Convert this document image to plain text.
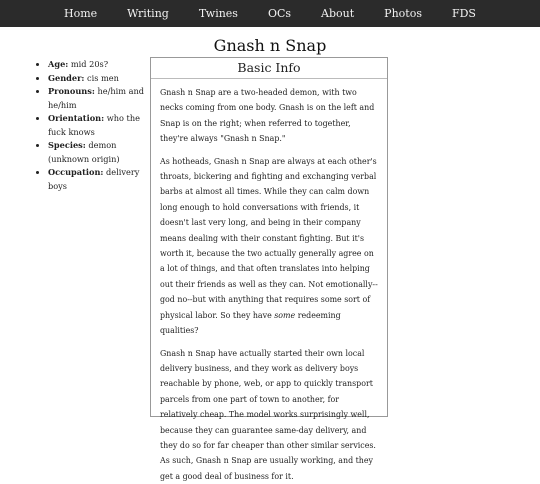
Home	Writing	Twines	OCs	About	Photos	FDS
Gnash n Snap
• Age: mid 20s?
• Gender: cis men
• Pronouns: he/him and he/him
• Orientation: who the fuck knows
• Species: demon (unknown origin)
• Occupation: delivery boys
Basic Info

Gnash n Snap are a two-headed demon, with two necks coming from one body. Gnash is on the left and Snap is on the right; when referred to together, they're always "Gnash n Snap."

As hotheads, Gnash n Snap are always at each other's throats, bickering and fighting and exchanging verbal barbs at almost all times. While they can calm down long enough to hold conversations with friends, it doesn't last very long, and being in their company means dealing with their constant fighting. But it's worth it, because the two actually generally agree on a lot of things, and that often translates into helping out their friends as well as they can. Not emotionally--god no--but with anything that requires some sort of physical labor. So they have some redeeming qualities?

Gnash n Snap have actually started their own local delivery business, and they work as delivery boys reachable by phone, web, or app to quickly transport parcels from one part of town to another, for relatively cheap. The model works surprisingly well, because they can guarantee same-day delivery, and they do so for far cheaper than other similar services. As such, Gnash n Snap are usually working, and they get a good deal of business for it.
